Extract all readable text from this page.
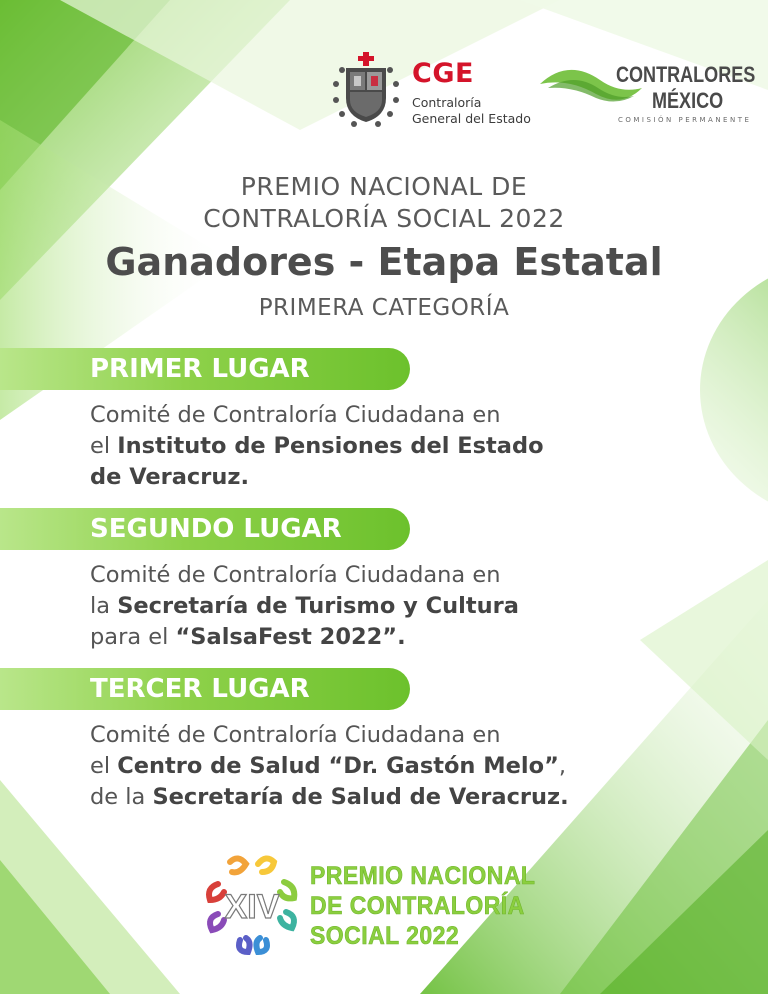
CGE
Contraloría
General del Estado
CONTRALORES
MÉXICO
COMISIÓN PERMANENTE
PREMIO NACIONAL DE
CONTRALORÍA SOCIAL 2022
Ganadores - Etapa Estatal
PRIMERA CATEGORÍA
PRIMER LUGAR
Comité de Contraloría Ciudadana en
el Instituto de Pensiones del Estado
de Veracruz.
SEGUNDO LUGAR
Comité de Contraloría Ciudadana en
la Secretaría de Turismo y Cultura
para el “SalsaFest 2022”.
TERCER LUGAR
Comité de Contraloría Ciudadana en
el Centro de Salud “Dr. Gastón Melo”,
de la Secretaría de Salud de Veracruz.
XIV
PREMIO NACIONAL
DE CONTRALORÍA
SOCIAL 2022
